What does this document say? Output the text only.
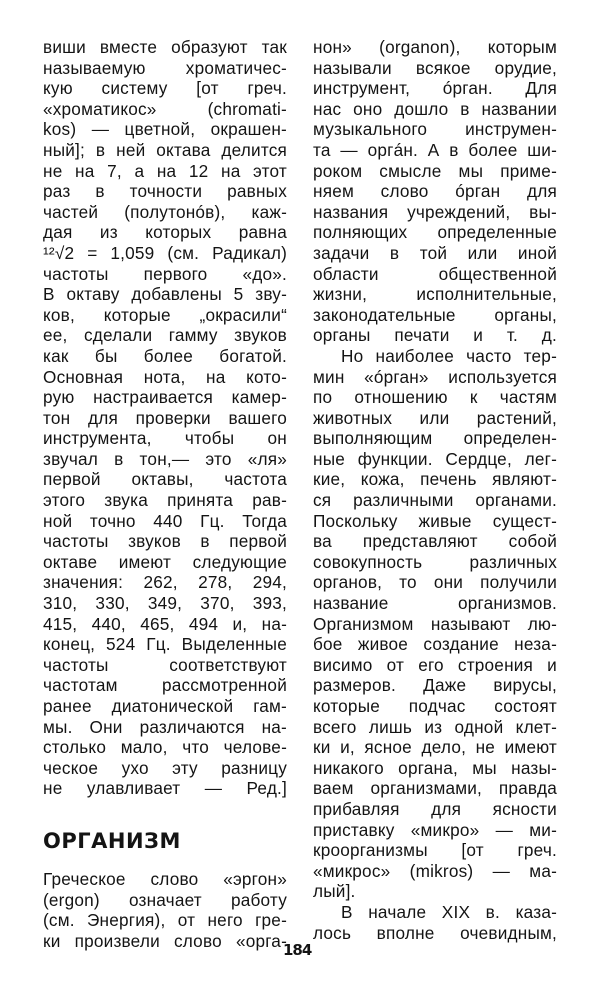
виши вместе образуют так
называемую хроматичес-
кую систему [от греч.
«хроматикос» (chromati-
kos) — цветной, окрашен-
ный]; в ней октава делится
не на 7, а на 12 на этот
раз в точности равных
частей (полутонóв), каж-
дая из которых равна
¹²√2 = 1,059 (см. Радикал)
частоты первого «до».
В октаву добавлены 5 зву-
ков, которые „окрасили“
ее, сделали гамму звуков
как бы более богатой.
Основная нота, на кото-
рую настраивается камер-
тон для проверки вашего
инструмента, чтобы он
звучал в тон,— это «ля»
первой октавы, частота
этого звука принята рав-
ной точно 440 Гц. Тогда
частоты звуков в первой
октаве имеют следующие
значения: 262, 278, 294,
310, 330, 349, 370, 393,
415, 440, 465, 494 и, на-
конец, 524 Гц. Выделенные
частоты соответствуют
частотам рассмотренной
ранее диатонической гам-
мы. Они различаются на-
столько мало, что челове-
ческое ухо эту разницу
не улавливает — Ред.]
ОРГАНИЗМ
Греческое слово «эргон»
(ergon) означает работу
(см. Энергия), от него гре-
ки произвели слово «орга-
нон» (organon), которым
называли всякое орудие,
инструмент, óрган. Для
нас оно дошло в названии
музыкального инструмен-
та — оргáн. А в более ши-
роком смысле мы приме-
няем слово óрган для
названия учреждений, вы-
полняющих определенные
задачи в той или иной
области общественной
жизни, исполнительные,
законодательные органы,
органы печати и т. д.
Но наиболее часто тер-
мин «óрган» используется
по отношению к частям
животных или растений,
выполняющим определен-
ные функции. Сердце, лег-
кие, кожа, печень являют-
ся различными органами.
Поскольку живые сущест-
ва представляют собой
совокупность различных
органов, то они получили
название организмов.
Организмом называют лю-
бое живое создание неза-
висимо от его строения и
размеров. Даже вирусы,
которые подчас состоят
всего лишь из одной клет-
ки и, ясное дело, не имеют
никакого органа, мы назы-
ваем организмами, правда
прибавляя для ясности
приставку «микро» — ми-
кроорганизмы [от греч.
«микрос» (mikros) — ма-
лый].
В начале XIX в. каза-
лось вполне очевидным,
184
